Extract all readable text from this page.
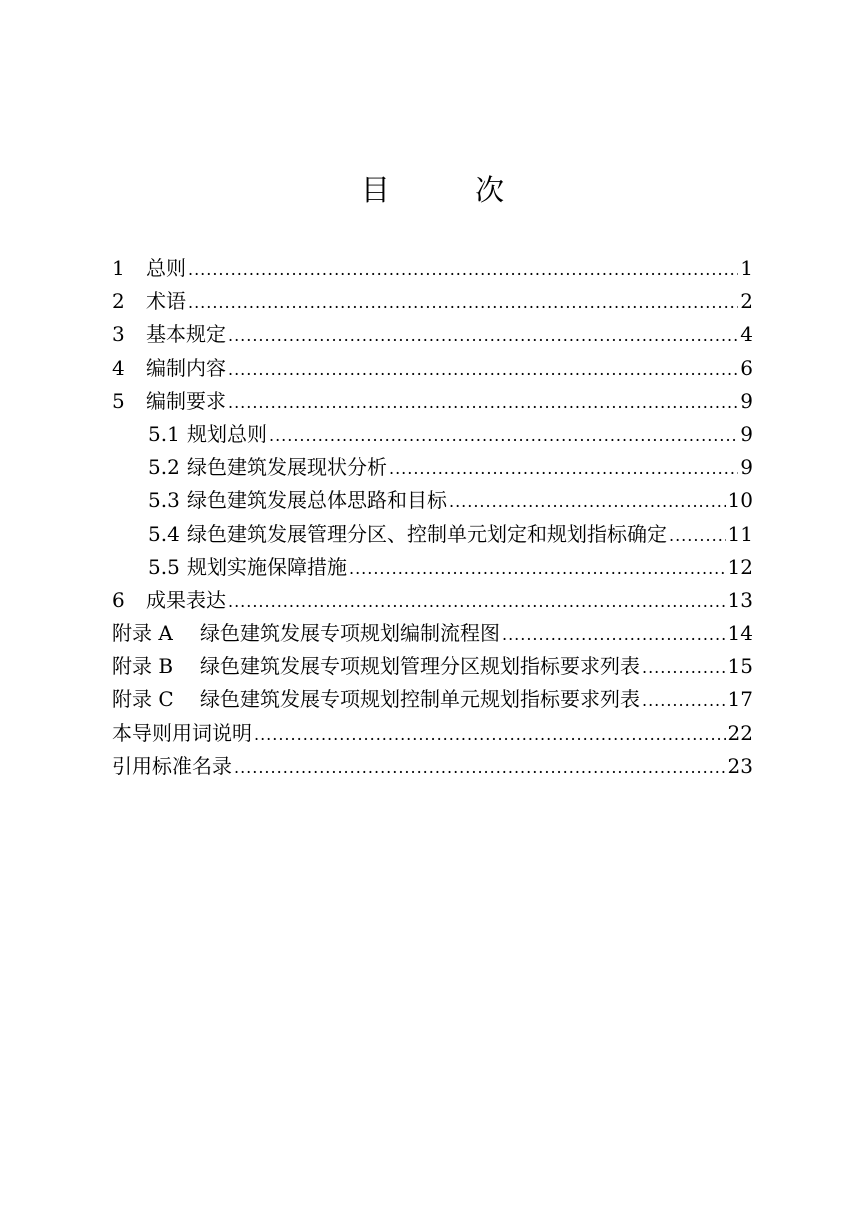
目 次
1	总则 .....	1
2	术语 .....	2
3	基本规定 .....	4
4	编制内容 .....	6
5	编制要求 .....	9
5.1 规划总则 .....	9
5.2 绿色建筑发展现状分析 .....	9
5.3 绿色建筑发展总体思路和目标 .....	10
5.4 绿色建筑发展管理分区、控制单元划定和规划指标确定 .....	11
5.5 规划实施保障措施 .....	12
6	成果表达 .....	13
附录 A	绿色建筑发展专项规划编制流程图 .....	14
附录 B	绿色建筑发展专项规划管理分区规划指标要求列表 .....	15
附录 C	绿色建筑发展专项规划控制单元规划指标要求列表 .....	17
本导则用词说明 .....	22
引用标准名录 .....	23
